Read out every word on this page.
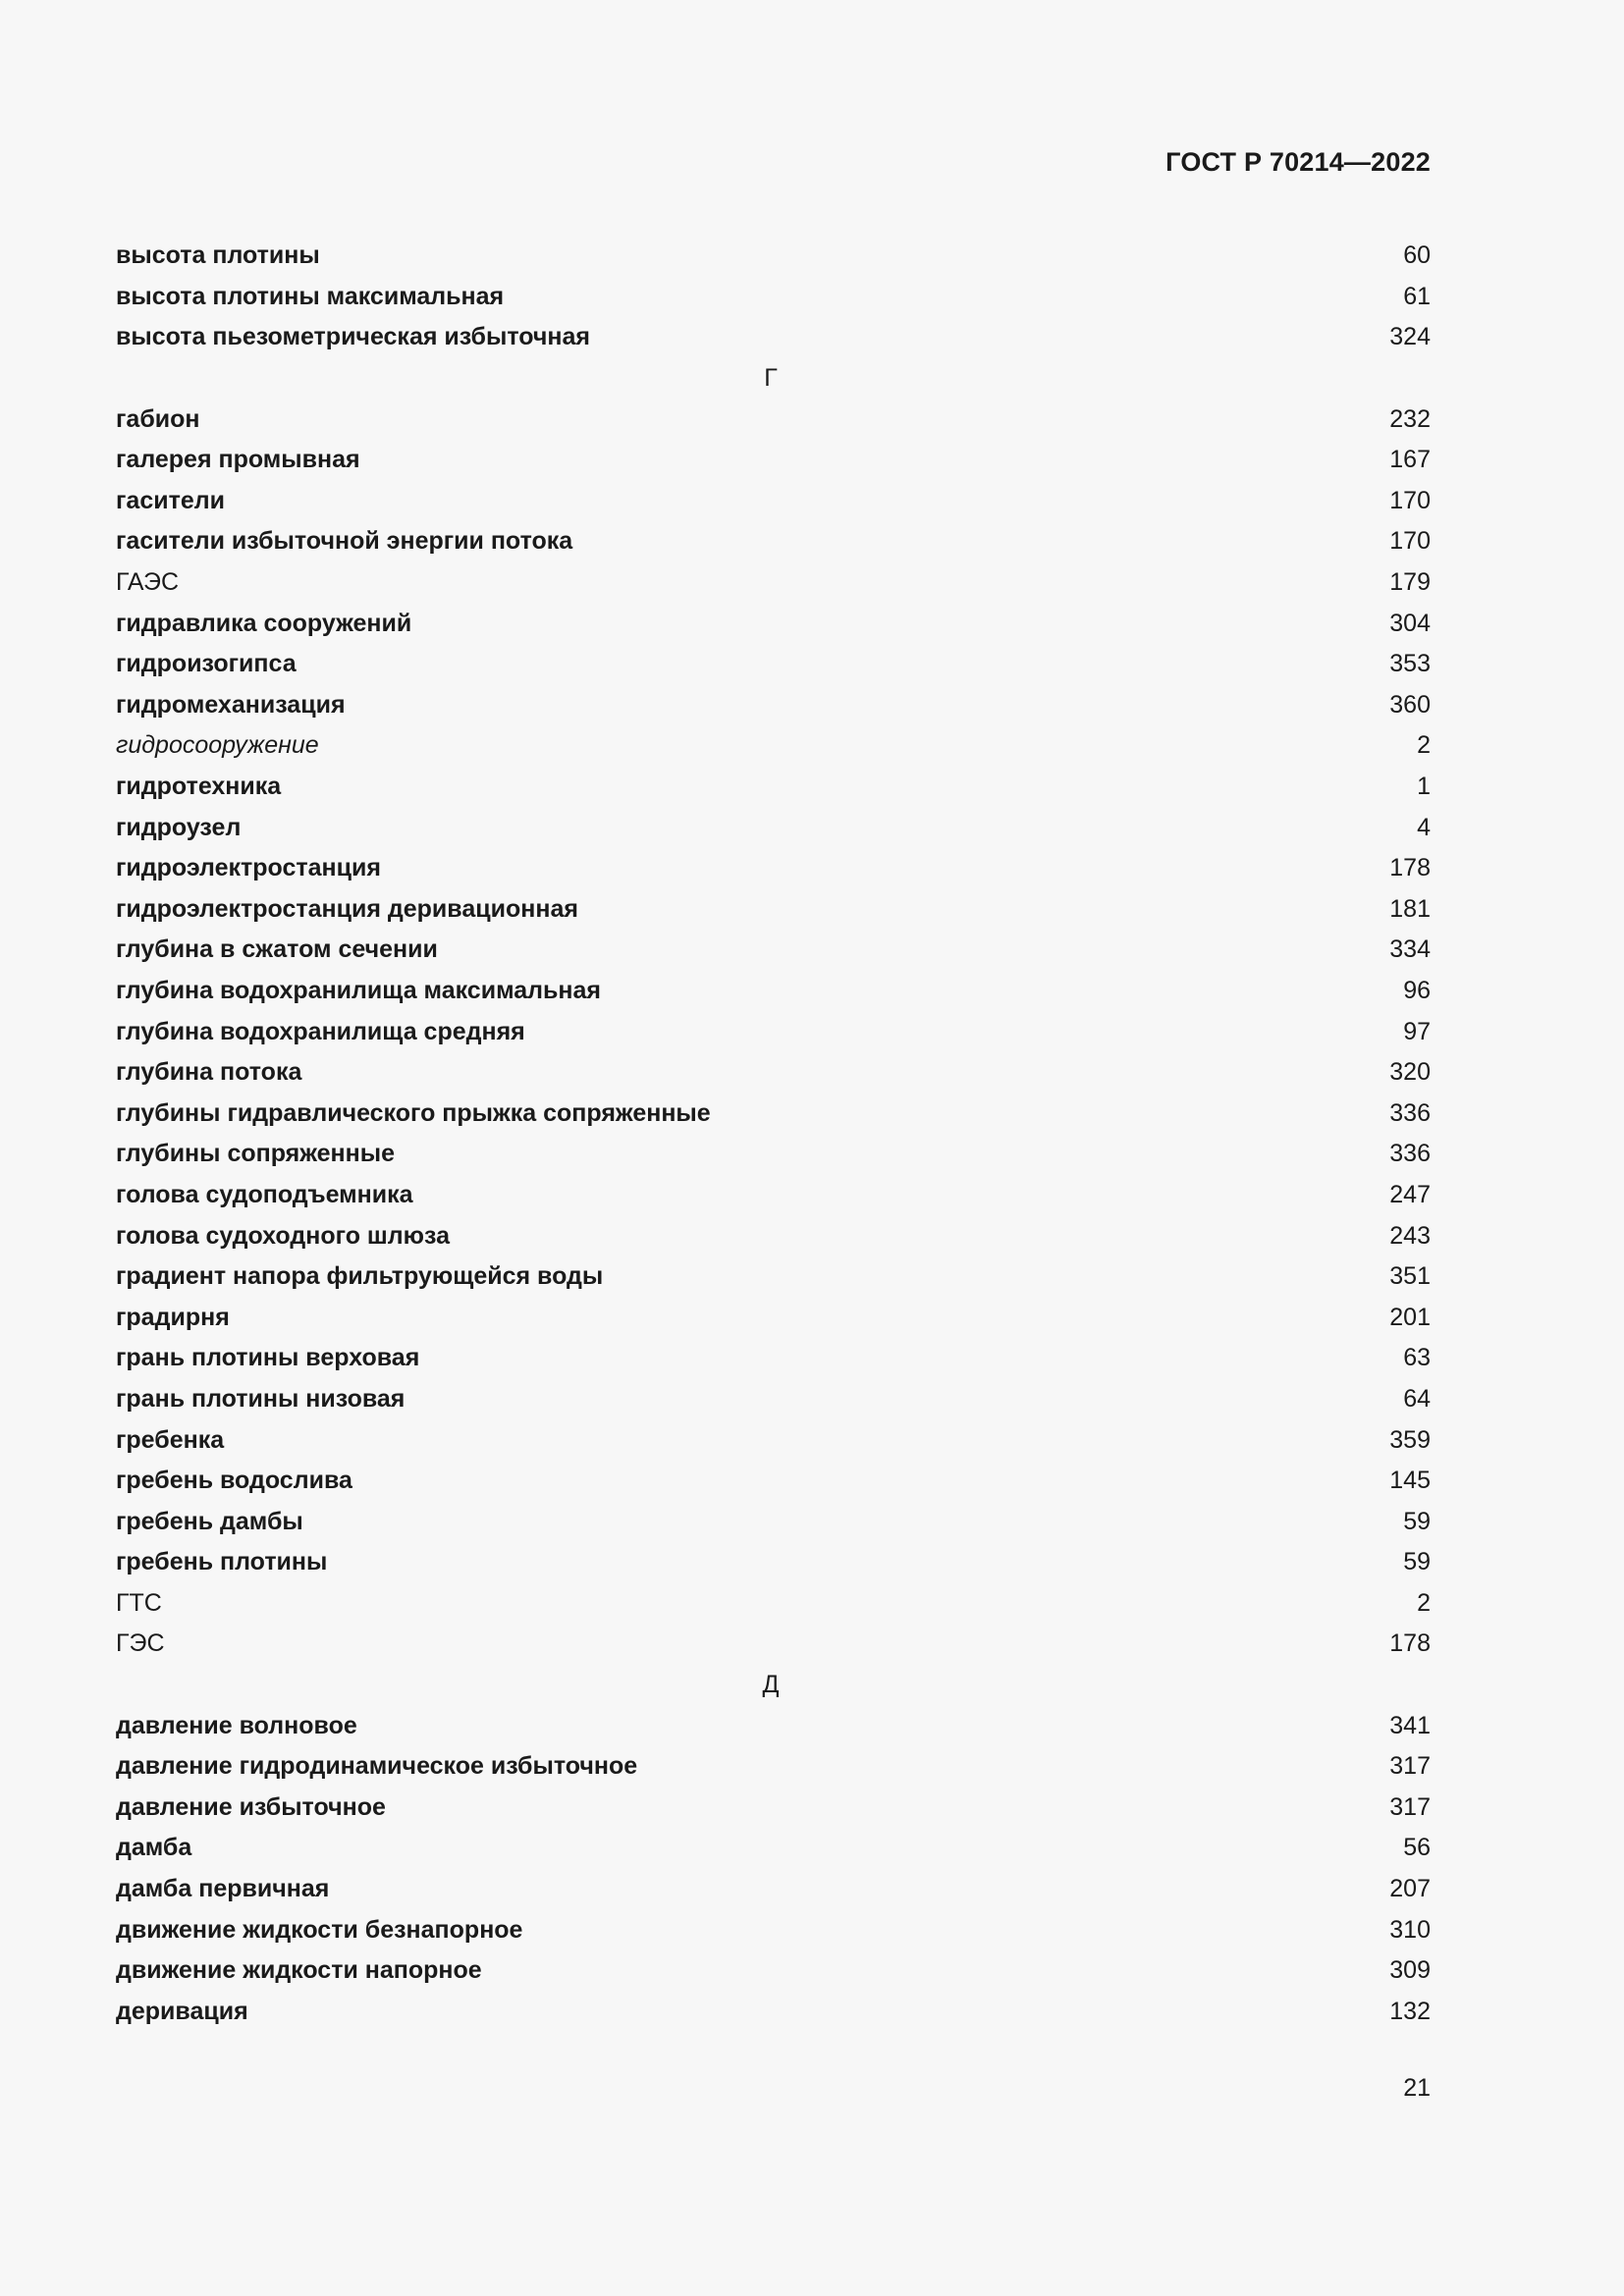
ГОСТ Р 70214—2022
высота плотины	60
высота плотины максимальная	61
высота пьезометрическая избыточная	324
Г
габион	232
галерея промывная	167
гасители	170
гасители избыточной энергии потока	170
ГАЭС	179
гидравлика сооружений	304
гидроизогипса	353
гидромеханизация	360
гидросооружение	2
гидротехника	1
гидроузел	4
гидроэлектростанция	178
гидроэлектростанция деривационная	181
глубина в сжатом сечении	334
глубина водохранилища максимальная	96
глубина водохранилища средняя	97
глубина потока	320
глубины гидравлического прыжка сопряженные	336
глубины сопряженные	336
голова судоподъемника	247
голова судоходного шлюза	243
градиент напора фильтрующейся воды	351
градирня	201
грань плотины верховая	63
грань плотины низовая	64
гребенка	359
гребень водослива	145
гребень дамбы	59
гребень плотины	59
ГТС	2
ГЭС	178
Д
давление волновое	341
давление гидродинамическое избыточное	317
давление избыточное	317
дамба	56
дамба первичная	207
движение жидкости безнапорное	310
движение жидкости напорное	309
деривация	132
21
